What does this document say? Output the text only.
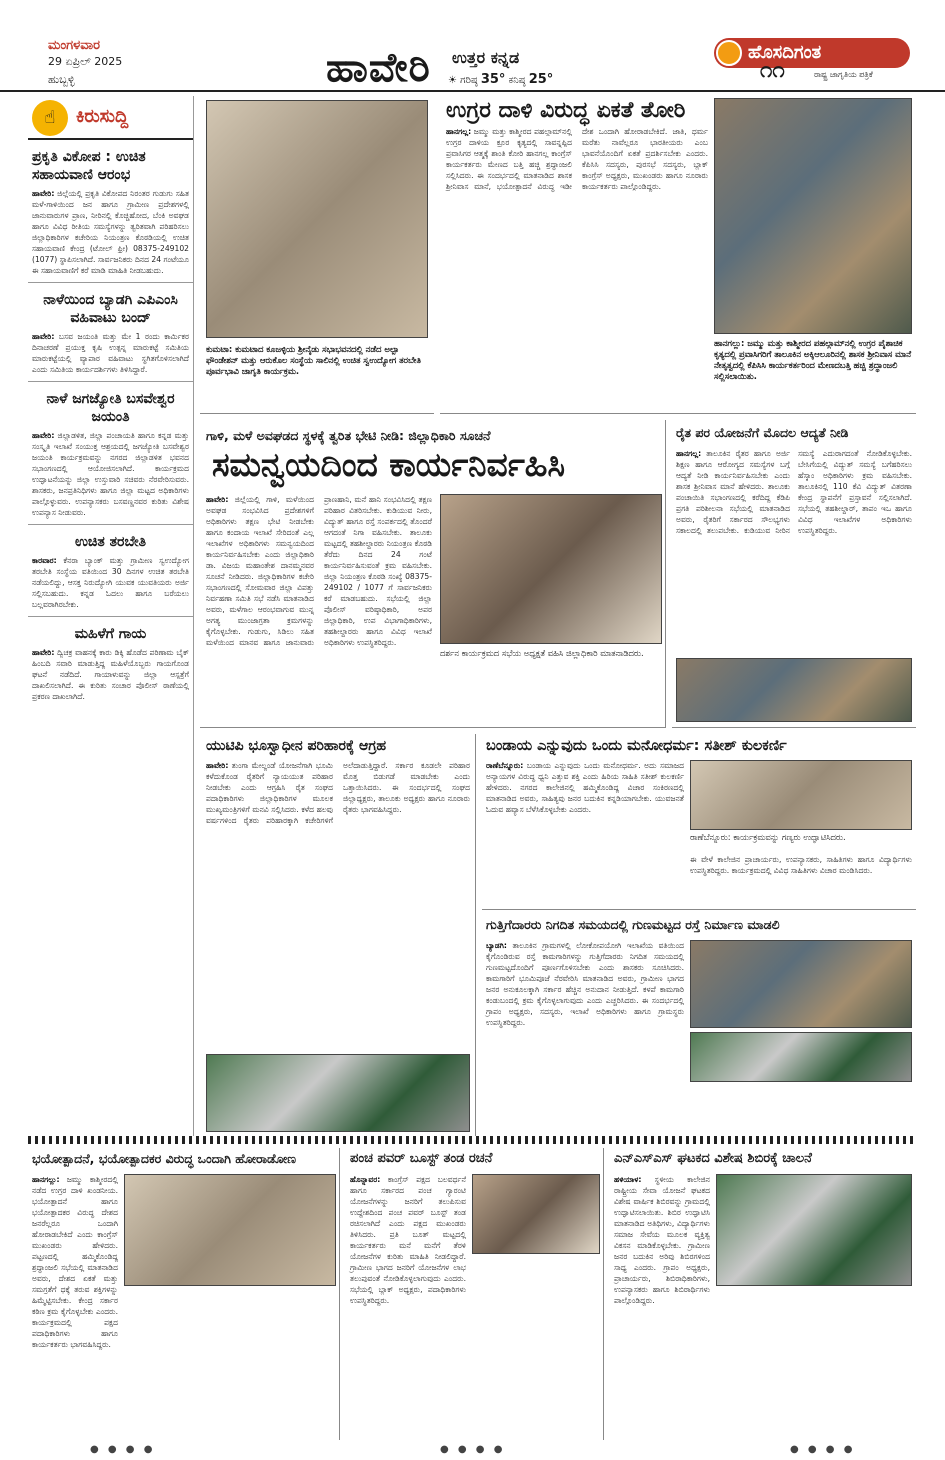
ಮಂಗಳವಾರ
29 ಏಪ್ರಿಲ್ 2025
ಹುಬ್ಬಳ್ಳಿ	ಹಾವೇರಿ ಉತ್ತರ ಕನ್ನಡ
☀ ಗರಿಷ್ಠ 35° ಕನಿಷ್ಠ 25°
ಹೊಸದಿಗಂತ
ರಾಷ್ಟ್ರ ಜಾಗೃತಿಯ ಪತ್ರಿಕೆ
೧೧
☝	ಕಿರುಸುದ್ದಿ
ಪ್ರಕೃತಿ ವಿಕೋಪ : ಉಚಿತ ಸಹಾಯವಾಣಿ ಆರಂಭ

ಹಾವೇರಿ: ಜಿಲ್ಲೆಯಲ್ಲಿ ಪ್ರಕೃತಿ ವಿಕೋಪದ ನಿರಂತರ ಗುಡುಗು ಸಹಿತ ಮಳೆ-ಗಾಳಿಯಿಂದ ಜನ ಹಾಗೂ ಗ್ರಾಮೀಣ ಪ್ರದೇಶಗಳಲ್ಲಿ ಜಾನುವಾರುಗಳ ಪ್ರಾಣ, ನೀರಿನಲ್ಲಿ ಕೊಚ್ಚಿಹೋದ, ಬೆಂಕಿ ಅವಘಡ ಹಾಗೂ ವಿವಿಧ ರೀತಿಯ ಸಮಸ್ಯೆಗಳನ್ನು ತ್ವರಿತವಾಗಿ ಪರಿಹರಿಸಲು ಜಿಲ್ಲಾಧಿಕಾರಿಗಳ ಕಚೇರಿಯ ನಿಯಂತ್ರಣ ಕೊಠಡಿಯಲ್ಲಿ ಉಚಿತ ಸಹಾಯವಾಣಿ ಕೇಂದ್ರ (ಟೋಲ್ ಫ್ರೀ) 08375-249102 (1077) ಸ್ಥಾಪಿಸಲಾಗಿದೆ. ಸಾರ್ವಜನಿಕರು ದಿನದ 24 ಗಂಟೆಯೂ ಈ ಸಹಾಯವಾಣಿಗೆ ಕರೆ ಮಾಡಿ ಮಾಹಿತಿ ನೀಡಬಹುದು.

ನಾಳೆಯಿಂದ ಬ್ಯಾಡಗಿ ಎಪಿಎಂಸಿ ವಹಿವಾಟು ಬಂದ್

ಹಾವೇರಿ: ಬಸವ ಜಯಂತಿ ಮತ್ತು ಮೇ 1 ರಂದು ಕಾರ್ಮಿಕರ ದಿನಾಚರಣೆ ಪ್ರಯುಕ್ತ ಕೃಷಿ ಉತ್ಪನ್ನ ಮಾರುಕಟ್ಟೆ ಸಮಿತಿಯ ಮಾರುಕಟ್ಟೆಯಲ್ಲಿ ವ್ಯಾಪಾರ ವಹಿವಾಟು ಸ್ಥಗಿತಗೊಳಿಸಲಾಗಿದೆ ಎಂದು ಸಮಿತಿಯ ಕಾರ್ಯದರ್ಶಿಗಳು ತಿಳಿಸಿದ್ದಾರೆ.

ನಾಳೆ ಜಗಜ್ಯೋತಿ ಬಸವೇಶ್ವರ ಜಯಂತಿ

ಹಾವೇರಿ: ಜಿಲ್ಲಾಡಳಿತ, ಜಿಲ್ಲಾ ಪಂಚಾಯತಿ ಹಾಗೂ ಕನ್ನಡ ಮತ್ತು ಸಂಸ್ಕೃತಿ ಇಲಾಖೆ ಸಂಯುಕ್ತ ಆಶ್ರಯದಲ್ಲಿ ಜಗಜ್ಯೋತಿ ಬಸವೇಶ್ವರ ಜಯಂತಿ ಕಾರ್ಯಕ್ರಮವನ್ನು ನಗರದ ಜಿಲ್ಲಾಡಳಿತ ಭವನದ ಸಭಾಂಗಣದಲ್ಲಿ ಆಯೋಜಿಸಲಾಗಿದೆ. ಕಾರ್ಯಕ್ರಮದ ಉದ್ಘಾಟನೆಯನ್ನು ಜಿಲ್ಲಾ ಉಸ್ತುವಾರಿ ಸಚಿವರು ನೆರವೇರಿಸುವರು. ಶಾಸಕರು, ಜನಪ್ರತಿನಿಧಿಗಳು ಹಾಗೂ ಜಿಲ್ಲಾ ಮಟ್ಟದ ಅಧಿಕಾರಿಗಳು ಪಾಲ್ಗೊಳ್ಳುವರು. ಉಪನ್ಯಾಸಕರು ಬಸವಣ್ಣನವರ ಕುರಿತು ವಿಶೇಷ ಉಪನ್ಯಾಸ ನೀಡುವರು.

ಉಚಿತ ತರಬೇತಿ

ಕಾರವಾರ: ಕೆನರಾ ಬ್ಯಾಂಕ್ ಮತ್ತು ಗ್ರಾಮೀಣ ಸ್ವಉದ್ಯೋಗ ತರಬೇತಿ ಸಂಸ್ಥೆಯ ವತಿಯಿಂದ 30 ದಿನಗಳ ಉಚಿತ ತರಬೇತಿ ನಡೆಯಲಿದ್ದು, ಆಸಕ್ತ ನಿರುದ್ಯೋಗಿ ಯುವಕ ಯುವತಿಯರು ಅರ್ಜಿ ಸಲ್ಲಿಸಬಹುದು. ಕನ್ನಡ ಓದಲು ಹಾಗೂ ಬರೆಯಲು ಬಲ್ಲವರಾಗಿರಬೇಕು.

ಮಹಿಳೆಗೆ ಗಾಯ

ಹಾವೇರಿ: ದ್ವಿಚಕ್ರ ವಾಹನಕ್ಕೆ ಕಾರು ಡಿಕ್ಕಿ ಹೊಡೆದ ಪರಿಣಾಮ ಬೈಕ್ ಹಿಂಬದಿ ಸವಾರಿ ಮಾಡುತ್ತಿದ್ದ ಮಹಿಳೆಯೊಬ್ಬರು ಗಾಯಗೊಂಡ ಘಟನೆ ನಡೆದಿದೆ. ಗಾಯಾಳುವನ್ನು ಜಿಲ್ಲಾ ಆಸ್ಪತ್ರೆಗೆ ದಾಖಲಿಸಲಾಗಿದೆ. ಈ ಕುರಿತು ಸಂಚಾರ ಪೊಲೀಸ್ ಠಾಣೆಯಲ್ಲಿ ಪ್ರಕರಣ ದಾಖಲಾಗಿದೆ.

ಕುಮಟಾ: ಕುಮಟಾದ ಕೂಜಳ್ಳಿಯ ಶ್ರೀನೈಡು ಸಭಾಭವನದಲ್ಲಿ ನಡೆದ ಅಲ್ಪಾ ಫೌಂಡೇಶನ್ ಮತ್ತು ಆರುಕೊಲ ಸಂಸ್ಥೆಯ ಸಾಲಿನಲ್ಲಿ ಉಚಿತ ಸ್ವಉದ್ಯೋಗ ತರಬೇತಿ ಪೂರ್ವಭಾವಿ ಜಾಗೃತಿ ಕಾರ್ಯಕ್ರಮ.
ಉಗ್ರರ ದಾಳಿ ವಿರುದ್ಧ ಏಕತೆ ತೋರಿ
ಹಾನಗಲ್ಲ: ಜಮ್ಮು ಮತ್ತು ಕಾಶ್ಮೀರದ ಪಹಲ್ಗಾಮ್‌ನಲ್ಲಿ ಉಗ್ರರ ದಾಳಿಯ ಕ್ರೂರ ಕೃತ್ಯದಲ್ಲಿ ಸಾವನ್ನಪ್ಪಿದ ಪ್ರವಾಸಿಗರ ಆತ್ಮಕ್ಕೆ ಶಾಂತಿ ಕೋರಿ ಹಾನಗಲ್ಲ ಕಾಂಗ್ರೆಸ್ ಕಾರ್ಯಕರ್ತರು ಮೇಣದ ಬತ್ತಿ ಹಚ್ಚಿ ಶ್ರದ್ಧಾಂಜಲಿ ಸಲ್ಲಿಸಿದರು. ಈ ಸಂದರ್ಭದಲ್ಲಿ ಮಾತನಾಡಿದ ಶಾಸಕ ಶ್ರೀನಿವಾಸ ಮಾನೆ, ಭಯೋತ್ಪಾದನೆ ವಿರುದ್ಧ ಇಡೀ ದೇಶ ಒಂದಾಗಿ ಹೋರಾಡಬೇಕಿದೆ. ಜಾತಿ, ಧರ್ಮ ಮರೆತು ನಾವೆಲ್ಲರೂ ಭಾರತೀಯರು ಎಂಬ ಭಾವನೆಯೊಂದಿಗೆ ಏಕತೆ ಪ್ರದರ್ಶಿಸಬೇಕು ಎಂದರು. ಕೆಪಿಸಿಸಿ ಸದಸ್ಯರು, ಪುರಸಭೆ ಸದಸ್ಯರು, ಬ್ಲಾಕ್ ಕಾಂಗ್ರೆಸ್ ಅಧ್ಯಕ್ಷರು, ಮುಖಂಡರು ಹಾಗೂ ನೂರಾರು ಕಾರ್ಯಕರ್ತರು ಪಾಲ್ಗೊಂಡಿದ್ದರು.
ಹಾನಗಲ್ಲು: ಜಮ್ಮು ಮತ್ತು ಕಾಶ್ಮೀರದ ಪಹಲ್ಗಾಮ್‌ನಲ್ಲಿ ಉಗ್ರರ ಪೈಶಾಚಿಕ ಕೃತ್ಯದಲ್ಲಿ ಪ್ರವಾಸಿಗರಿಗೆ ತಾಲೂಕಿನ ಅಕ್ಕಿಆಲೂರಿನಲ್ಲಿ ಶಾಸಕ ಶ್ರೀನಿವಾಸ ಮಾನೆ ನೇತೃತ್ವದಲ್ಲಿ ಕೆಪಿಸಿಸಿ ಕಾರ್ಯಕರ್ತರಿಂದ ಮೇಣದಬತ್ತಿ ಹಚ್ಚಿ ಶ್ರದ್ಧಾಂಜಲಿ ಸಲ್ಲಿಸಲಾಯಿತು.
ಗಾಳಿ, ಮಳೆ ಅವಘಡದ ಸ್ಥಳಕ್ಕೆ ತ್ವರಿತ ಭೇಟಿ ನೀಡಿ: ಜಿಲ್ಲಾಧಿಕಾರಿ ಸೂಚನೆ
ಸಮನ್ವಯದಿಂದ ಕಾರ್ಯನಿರ್ವಹಿಸಿ
ಹಾವೇರಿ: ಜಿಲ್ಲೆಯಲ್ಲಿ ಗಾಳಿ, ಮಳೆಯಿಂದ ಅವಘಡ ಸಂಭವಿಸಿದ ಪ್ರದೇಶಗಳಿಗೆ ಅಧಿಕಾರಿಗಳು ತಕ್ಷಣ ಭೇಟಿ ನೀಡಬೇಕು ಹಾಗೂ ಕಂದಾಯ ಇಲಾಖೆ ಸೇರಿದಂತೆ ಎಲ್ಲ ಇಲಾಖೆಗಳ ಅಧಿಕಾರಿಗಳು ಸಮನ್ವಯದಿಂದ ಕಾರ್ಯನಿರ್ವಹಿಸಬೇಕು ಎಂದು ಜಿಲ್ಲಾಧಿಕಾರಿ ಡಾ. ವಿಜಯ ಮಹಾಂತೇಶ ದಾನಮ್ಮನವರ ಸೂಚನೆ ನೀಡಿದರು. ಜಿಲ್ಲಾಧಿಕಾರಿಗಳ ಕಚೇರಿ ಸಭಾಂಗಣದಲ್ಲಿ ಸೋಮವಾರ ಜಿಲ್ಲಾ ವಿಪತ್ತು ನಿರ್ವಹಣಾ ಸಮಿತಿ ಸಭೆ ನಡೆಸಿ ಮಾತನಾಡಿದ ಅವರು, ಮಳೆಗಾಲ ಆರಂಭವಾಗುವ ಮುನ್ನ ಅಗತ್ಯ ಮುಂಜಾಗ್ರತಾ ಕ್ರಮಗಳನ್ನು ಕೈಗೊಳ್ಳಬೇಕು. ಗುಡುಗು, ಸಿಡಿಲು ಸಹಿತ ಮಳೆಯಿಂದ ಮಾನವ ಹಾಗೂ ಜಾನುವಾರು ಪ್ರಾಣಹಾನಿ, ಮನೆ ಹಾನಿ ಸಂಭವಿಸಿದಲ್ಲಿ ತಕ್ಷಣ ಪರಿಹಾರ ವಿತರಿಸಬೇಕು. ಕುಡಿಯುವ ನೀರು, ವಿದ್ಯುತ್ ಹಾಗೂ ರಸ್ತೆ ಸಂಪರ್ಕದಲ್ಲಿ ತೊಂದರೆ ಆಗದಂತೆ ನಿಗಾ ವಹಿಸಬೇಕು. ತಾಲೂಕು ಮಟ್ಟದಲ್ಲಿ ತಹಶೀಲ್ದಾರರು ನಿಯಂತ್ರಣ ಕೊಠಡಿ ತೆರೆದು ದಿನದ 24 ಗಂಟೆ ಕಾರ್ಯನಿರ್ವಹಿಸುವಂತೆ ಕ್ರಮ ವಹಿಸಬೇಕು. ಜಿಲ್ಲಾ ನಿಯಂತ್ರಣ ಕೊಠಡಿ ಸಂಖ್ಯೆ 08375-249102 / 1077 ಗೆ ಸಾರ್ವಜನಿಕರು ಕರೆ ಮಾಡಬಹುದು. ಸಭೆಯಲ್ಲಿ ಜಿಲ್ಲಾ ಪೊಲೀಸ್ ವರಿಷ್ಠಾಧಿಕಾರಿ, ಅಪರ ಜಿಲ್ಲಾಧಿಕಾರಿ, ಉಪ ವಿಭಾಗಾಧಿಕಾರಿಗಳು, ತಹಶೀಲ್ದಾರರು ಹಾಗೂ ವಿವಿಧ ಇಲಾಖೆ ಅಧಿಕಾರಿಗಳು ಉಪಸ್ಥಿತರಿದ್ದರು.
ದರ್ಶನ ಕಾರ್ಯಕ್ರಮದ ಸಭೆಯ ಅಧ್ಯಕ್ಷತೆ ವಹಿಸಿ ಜಿಲ್ಲಾಧಿಕಾರಿ ಮಾತನಾಡಿದರು.
ರೈತ ಪರ ಯೋಜನೆಗೆ ಮೊದಲ ಆದ್ಯತೆ ನೀಡಿ
ಹಾನಗಲ್ಲ: ತಾಲೂಕಿನ ರೈತರ ಹಾಗೂ ಅರ್ಜಿ ಶಿಕ್ಷಣ ಹಾಗೂ ಆರೋಗ್ಯದ ಸಮಸ್ಯೆಗಳ ಬಗ್ಗೆ ಆದ್ಯತೆ ನೀಡಿ ಕಾರ್ಯನಿರ್ವಹಿಸಬೇಕು ಎಂದು ಶಾಸಕ ಶ್ರೀನಿವಾಸ ಮಾನೆ ಹೇಳಿದರು. ತಾಲೂಕು ಪಂಚಾಯಿತಿ ಸಭಾಂಗಣದಲ್ಲಿ ಕರೆದಿದ್ದ ಕೆಡಿಪಿ ಪ್ರಗತಿ ಪರಿಶೀಲನಾ ಸಭೆಯಲ್ಲಿ ಮಾತನಾಡಿದ ಅವರು, ರೈತರಿಗೆ ಸರ್ಕಾರದ ಸೌಲಭ್ಯಗಳು ಸಕಾಲದಲ್ಲಿ ತಲುಪಬೇಕು. ಕುಡಿಯುವ ನೀರಿನ ಸಮಸ್ಯೆ ಎದುರಾಗದಂತೆ ನೋಡಿಕೊಳ್ಳಬೇಕು. ಬೇಸಿಗೆಯಲ್ಲಿ ವಿದ್ಯುತ್ ಸಮಸ್ಯೆ ಬಗೆಹರಿಸಲು ಹೆಸ್ಕಾಂ ಅಧಿಕಾರಿಗಳು ಕ್ರಮ ವಹಿಸಬೇಕು. ತಾಲೂಕಿನಲ್ಲಿ 110 ಕೆವಿ ವಿದ್ಯುತ್ ವಿತರಣಾ ಕೇಂದ್ರ ಸ್ಥಾಪನೆಗೆ ಪ್ರಸ್ತಾವನೆ ಸಲ್ಲಿಸಲಾಗಿದೆ. ಸಭೆಯಲ್ಲಿ ತಹಶೀಲ್ದಾರ್, ತಾಪಂ ಇಒ ಹಾಗೂ ವಿವಿಧ ಇಲಾಖೆಗಳ ಅಧಿಕಾರಿಗಳು ಉಪಸ್ಥಿತರಿದ್ದರು.
ಯುಟಿಪಿ ಭೂಸ್ವಾಧೀನ ಪರಿಹಾರಕ್ಕೆ ಆಗ್ರಹ
ಹಾವೇರಿ: ತುಂಗಾ ಮೇಲ್ದಂಡೆ ಯೋಜನೆಗಾಗಿ ಭೂಮಿ ಕಳೆದುಕೊಂಡ ರೈತರಿಗೆ ನ್ಯಾಯಯುತ ಪರಿಹಾರ ನೀಡಬೇಕು ಎಂದು ಆಗ್ರಹಿಸಿ ರೈತ ಸಂಘದ ಪದಾಧಿಕಾರಿಗಳು ಜಿಲ್ಲಾಧಿಕಾರಿಗಳ ಮೂಲಕ ಮುಖ್ಯಮಂತ್ರಿಗಳಿಗೆ ಮನವಿ ಸಲ್ಲಿಸಿದರು. ಕಳೆದ ಹಲವು ವರ್ಷಗಳಿಂದ ರೈತರು ಪರಿಹಾರಕ್ಕಾಗಿ ಕಚೇರಿಗಳಿಗೆ ಅಲೆದಾಡುತ್ತಿದ್ದಾರೆ. ಸರ್ಕಾರ ಕೂಡಲೇ ಪರಿಹಾರ ಮೊತ್ತ ಬಿಡುಗಡೆ ಮಾಡಬೇಕು ಎಂದು ಒತ್ತಾಯಿಸಿದರು. ಈ ಸಂದರ್ಭದಲ್ಲಿ ಸಂಘದ ಜಿಲ್ಲಾಧ್ಯಕ್ಷರು, ತಾಲೂಕು ಅಧ್ಯಕ್ಷರು ಹಾಗೂ ನೂರಾರು ರೈತರು ಭಾಗವಹಿಸಿದ್ದರು.
ಬಂಡಾಯ ಎನ್ನುವುದು ಒಂದು ಮನೋಧರ್ಮ: ಸತೀಶ್ ಕುಲಕರ್ಣಿ
ರಾಣೆಬೆನ್ನೂರು: ಬಂಡಾಯ ಎನ್ನುವುದು ಒಂದು ಮನೋಧರ್ಮ. ಅದು ಸಮಾಜದ ಅನ್ಯಾಯಗಳ ವಿರುದ್ಧ ಧ್ವನಿ ಎತ್ತುವ ಶಕ್ತಿ ಎಂದು ಹಿರಿಯ ಸಾಹಿತಿ ಸತೀಶ್ ಕುಲಕರ್ಣಿ ಹೇಳಿದರು. ನಗರದ ಕಾಲೇಜಿನಲ್ಲಿ ಹಮ್ಮಿಕೊಂಡಿದ್ದ ವಿಚಾರ ಸಂಕಿರಣದಲ್ಲಿ ಮಾತನಾಡಿದ ಅವರು, ಸಾಹಿತ್ಯವು ಜನರ ಬದುಕಿನ ಕನ್ನಡಿಯಾಗಬೇಕು. ಯುವಜನತೆ ಓದುವ ಹವ್ಯಾಸ ಬೆಳೆಸಿಕೊಳ್ಳಬೇಕು ಎಂದರು.
ರಾಣೆಬೆನ್ನೂರು: ಕಾರ್ಯಕ್ರಮವನ್ನು ಗಣ್ಯರು ಉದ್ಘಾಟಿಸಿದರು.
ಈ ವೇಳೆ ಕಾಲೇಜಿನ ಪ್ರಾಚಾರ್ಯರು, ಉಪನ್ಯಾಸಕರು, ಸಾಹಿತಿಗಳು ಹಾಗೂ ವಿದ್ಯಾರ್ಥಿಗಳು ಉಪಸ್ಥಿತರಿದ್ದರು. ಕಾರ್ಯಕ್ರಮದಲ್ಲಿ ವಿವಿಧ ಸಾಹಿತಿಗಳು ವಿಚಾರ ಮಂಡಿಸಿದರು.
ಗುತ್ತಿಗೆದಾರರು ನಿಗದಿತ ಸಮಯದಲ್ಲಿ ಗುಣಮಟ್ಟದ ರಸ್ತೆ ನಿರ್ಮಾಣ ಮಾಡಲಿ
ಬ್ಯಾಡಗಿ: ತಾಲೂಕಿನ ಗ್ರಾಮಗಳಲ್ಲಿ ಲೋಕೋಪಯೋಗಿ ಇಲಾಖೆಯ ವತಿಯಿಂದ ಕೈಗೊಂಡಿರುವ ರಸ್ತೆ ಕಾಮಗಾರಿಗಳನ್ನು ಗುತ್ತಿಗೆದಾರರು ನಿಗದಿತ ಸಮಯದಲ್ಲಿ ಗುಣಮಟ್ಟದೊಂದಿಗೆ ಪೂರ್ಣಗೊಳಿಸಬೇಕು ಎಂದು ಶಾಸಕರು ಸೂಚಿಸಿದರು. ಕಾಮಗಾರಿಗೆ ಭೂಮಿಪೂಜೆ ನೆರವೇರಿಸಿ ಮಾತನಾಡಿದ ಅವರು, ಗ್ರಾಮೀಣ ಭಾಗದ ಜನರ ಅನುಕೂಲಕ್ಕಾಗಿ ಸರ್ಕಾರ ಹೆಚ್ಚಿನ ಅನುದಾನ ನೀಡುತ್ತಿದೆ. ಕಳಪೆ ಕಾಮಗಾರಿ ಕಂಡುಬಂದಲ್ಲಿ ಕ್ರಮ ಕೈಗೊಳ್ಳಲಾಗುವುದು ಎಂದು ಎಚ್ಚರಿಸಿದರು. ಈ ಸಂದರ್ಭದಲ್ಲಿ ಗ್ರಾಪಂ ಅಧ್ಯಕ್ಷರು, ಸದಸ್ಯರು, ಇಲಾಖೆ ಅಧಿಕಾರಿಗಳು ಹಾಗೂ ಗ್ರಾಮಸ್ಥರು ಉಪಸ್ಥಿತರಿದ್ದರು.
ಭಯೋತ್ಪಾದನೆ, ಭಯೋತ್ಪಾದಕರ ವಿರುದ್ಧ ಒಂದಾಗಿ ಹೋರಾಡೋಣ
ಹಾನಗಲ್ಲು: ಜಮ್ಮು ಕಾಶ್ಮೀರದಲ್ಲಿ ನಡೆದ ಉಗ್ರರ ದಾಳಿ ಖಂಡನೀಯ. ಭಯೋತ್ಪಾದನೆ ಹಾಗೂ ಭಯೋತ್ಪಾದಕರ ವಿರುದ್ಧ ದೇಶದ ಜನರೆಲ್ಲರೂ ಒಂದಾಗಿ ಹೋರಾಡಬೇಕಿದೆ ಎಂದು ಕಾಂಗ್ರೆಸ್ ಮುಖಂಡರು ಹೇಳಿದರು. ಪಟ್ಟಣದಲ್ಲಿ ಹಮ್ಮಿಕೊಂಡಿದ್ದ ಶ್ರದ್ಧಾಂಜಲಿ ಸಭೆಯಲ್ಲಿ ಮಾತನಾಡಿದ ಅವರು, ದೇಶದ ಏಕತೆ ಮತ್ತು ಸಮಗ್ರತೆಗೆ ಧಕ್ಕೆ ತರುವ ಶಕ್ತಿಗಳನ್ನು ಹಿಮ್ಮೆಟ್ಟಿಸಬೇಕು. ಕೇಂದ್ರ ಸರ್ಕಾರ ಕಠಿಣ ಕ್ರಮ ಕೈಗೊಳ್ಳಬೇಕು ಎಂದರು. ಕಾರ್ಯಕ್ರಮದಲ್ಲಿ ಪಕ್ಷದ ಪದಾಧಿಕಾರಿಗಳು ಹಾಗೂ ಕಾರ್ಯಕರ್ತರು ಭಾಗವಹಿಸಿದ್ದರು.
ಪಂಚ ಪವರ್ ಬೂಸ್ಟ್ ತಂಡ ರಚನೆ
ಹೊನ್ನಾವರ: ಕಾಂಗ್ರೆಸ್ ಪಕ್ಷದ ಬಲವರ್ಧನೆ ಹಾಗೂ ಸರ್ಕಾರದ ಪಂಚ ಗ್ಯಾರಂಟಿ ಯೋಜನೆಗಳನ್ನು ಜನರಿಗೆ ತಲುಪಿಸುವ ಉದ್ದೇಶದಿಂದ ಪಂಚ ಪವರ್ ಬೂಸ್ಟ್ ತಂಡ ರಚಿಸಲಾಗಿದೆ ಎಂದು ಪಕ್ಷದ ಮುಖಂಡರು ತಿಳಿಸಿದರು. ಪ್ರತಿ ಬೂತ್ ಮಟ್ಟದಲ್ಲಿ ಕಾರ್ಯಕರ್ತರು ಮನೆ ಮನೆಗೆ ತೆರಳಿ ಯೋಜನೆಗಳ ಕುರಿತು ಮಾಹಿತಿ ನೀಡಲಿದ್ದಾರೆ. ಗ್ರಾಮೀಣ ಭಾಗದ ಜನರಿಗೆ ಯೋಜನೆಗಳ ಲಾಭ ತಲುಪುವಂತೆ ನೋಡಿಕೊಳ್ಳಲಾಗುವುದು ಎಂದರು. ಸಭೆಯಲ್ಲಿ ಬ್ಲಾಕ್ ಅಧ್ಯಕ್ಷರು, ಪದಾಧಿಕಾರಿಗಳು ಉಪಸ್ಥಿತರಿದ್ದರು.
ಎನ್‌ಎಸ್‌ಎಸ್ ಘಟಕದ ವಿಶೇಷ ಶಿಬಿರಕ್ಕೆ ಚಾಲನೆ
ಹಳಿಯಾಳ: ಸ್ಥಳೀಯ ಕಾಲೇಜಿನ ರಾಷ್ಟ್ರೀಯ ಸೇವಾ ಯೋಜನೆ ಘಟಕದ ವಿಶೇಷ ವಾರ್ಷಿಕ ಶಿಬಿರವನ್ನು ಗ್ರಾಮದಲ್ಲಿ ಉದ್ಘಾಟಿಸಲಾಯಿತು. ಶಿಬಿರ ಉದ್ಘಾಟಿಸಿ ಮಾತನಾಡಿದ ಅತಿಥಿಗಳು, ವಿದ್ಯಾರ್ಥಿಗಳು ಸಮಾಜ ಸೇವೆಯ ಮೂಲಕ ವ್ಯಕ್ತಿತ್ವ ವಿಕಸನ ಮಾಡಿಕೊಳ್ಳಬೇಕು. ಗ್ರಾಮೀಣ ಜನರ ಬದುಕಿನ ಅರಿವು ಶಿಬಿರಗಳಿಂದ ಸಾಧ್ಯ ಎಂದರು. ಗ್ರಾಪಂ ಅಧ್ಯಕ್ಷರು, ಪ್ರಾಚಾರ್ಯರು, ಶಿಬಿರಾಧಿಕಾರಿಗಳು, ಉಪನ್ಯಾಸಕರು ಹಾಗೂ ಶಿಬಿರಾರ್ಥಿಗಳು ಪಾಲ್ಗೊಂಡಿದ್ದರು.
● ● ● ●	● ● ● ●	● ● ● ●
